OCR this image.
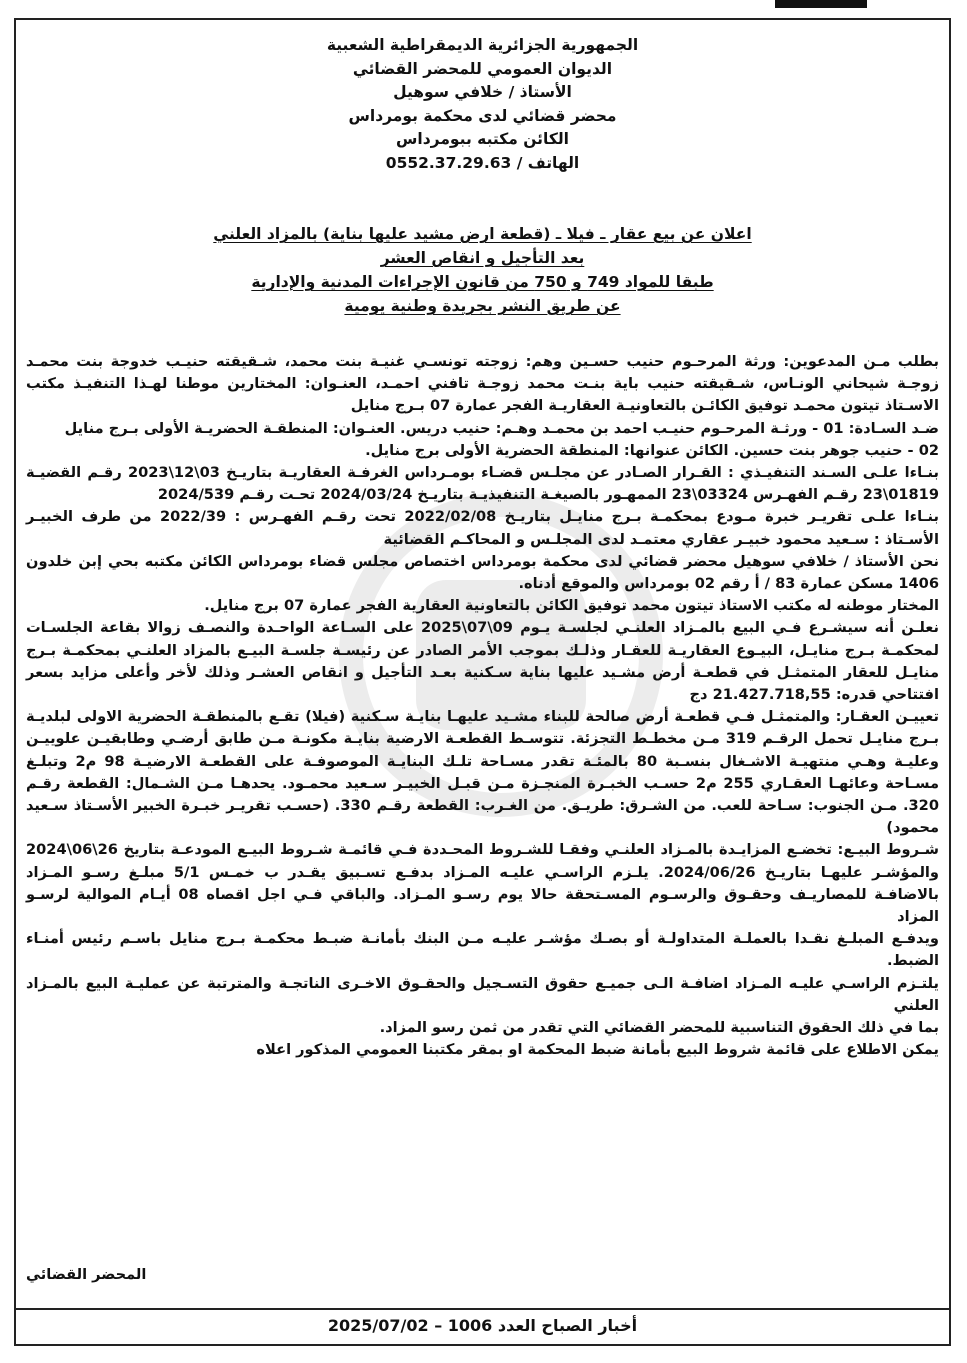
الجمهورية الجزائرية الديمقراطية الشعبية
الديوان العمومي للمحضر القضائي
الأستاذ / خلافي سوهيل
محضر قضائي لدى محكمة بومرداس
الكائن مكتبه ببومرداس
الهاتف / 0552.37.29.63
اعلان عن بيع عقار ـ فيلا ـ (قطعة ارض مشيد عليها بناية) بالمزاد العلني
بعد التأجيل و انقاص العشر
طبقا للمواد 749 و 750 من قانون الإجراءات المدنية والإدارية
عن طريق النشر بجريدة وطنية يومية

بطلب مـن المدعوين: ورثة المرحـوم حنيب حسـين وهم: زوجته تونسـي غنيـة بنت محمد، شـقيقته حنيـب خدوجة بنت محمـد زوجـة شيحاني الونـاس، شـقيقته حنيب باية بنـت محمد زوجـة تافني احمـد، العنـوان: المختارين موطنا لهـذا التنفيـذ مكتب الاسـتاذ تيتون محمـد توفيق الكائـن بالتعاونيـة العقاريـة الفجر عمارة 07 بـرج منايل

ضـد السـادة: 01 - ورثـة المرحـوم حنيـب احمد بن محمـد وهـم: حنيب دريس. العنـوان: المنطقـة الحضريـة الأولى بـرج منايل

02 - حنيب جوهر بنت حسين. الكائن عنوانها: المنطقة الحضرية الأولى برج منايل.

بنـاءا علـى السـند التنفيـذي : القـرار الصـادر عن مجلـس قضـاء بومـرداس الغرفـة العقاريـة بتاريـخ 03\12\2023 رقـم القضيـة 01819\23 رقـم الفهـرس 03324\23 الممهـور بالصيغـة التنفيذيـة بتاريـخ 2024/03/24 تحـت رقـم 2024/539

بنـاءا علـى تقريـر خبرة مـودع بمحكمـة بـرج منايـل بتاريـخ 2022/02/08 تحت رقـم الفهـرس : 2022/39 من طرف الخبيـر الأسـتاذ : سـعيد محمود خبيـر عقاري معتمـد لدى المجلـس و المحاكـم القضائية

نحن الأستاذ / خلافي سوهيل محضر قضائي لدى محكمة بومرداس اختصاص مجلس قضاء بومرداس الكائن مكتبه بحي إبن خلدون 1406 مسكن عمارة 83 / أ رقم 02 بومرداس والموقع أدناه.

المختار موطنه له مكتب الاستاذ تيتون محمد توفيق الكائن بالتعاونية العقارية الفجر عمارة 07 برج منايل.

نعلـن أنه سيشـرع فـي البيع بالمـزاد العلنـي لجلسـة يـوم 09\07\2025 على السـاعة الواحـدة والنصـف زوالا بقاعة الجلسـات لمحكمـة بـرج منايـل، البيـوع العقاريـة للعقـار وذلـك بموجب الأمر الصادر عن رئيسـة جلسـة البيـع بالمزاد العلنـي بمحكمـة بـرج منايـل للعقار المتمثـل في قطعـة أرض مشـيد عليها بناية سـكنية بعـد التأجيل و انقاص العشـر وذلك لأخر وأعلى مزايد بسعر افتتاحي قدره: 21.427.718,55 دج

تعييـن العقـار: والمتمثـل فـي قطعـة أرض صالحة للبناء مشـيد عليهـا بنايـة سـكنية (فيلا) تقـع بالمنطقـة الحضرية الاولى لبلديـة بـرج منايـل تحمل الرقـم 319 مـن مخطـط التجزئة. تتوسـط القطعـة الارضية بنايـة مكونـة مـن طابق أرضـي وطابقيـن علوييـن وعليـة وهـي منتهيـة الاشـغال بنسـبة 80 بالمئـة تقدر مسـاحة تلـك البنايـة الموصوفـة على القطعـة الارضيـة 98 م2 وتبلـغ مسـاحة وعائهـا العقـاري 255 م2 حسـب الخبـرة المنجـزة مـن قبـل الخبيـر سـعيد محمـود. يحدهـا مـن الشـمال: القطعة رقـم 320. مـن الجنوب: سـاحة للعب. من الشـرق: طريـق. من الغـرب: القطعة رقـم 330. (حسـب تقريـر خبـرة الخبير الأسـتاذ سـعيد محمود)

شـروط البيـع: تخضـع المزايـدة بالمـزاد العلنـي وفقـا للشـروط المحـددة فـي قائمـة شـروط البيـع المودعـة بتاريخ 26\06\2024 والمؤشـر عليهـا بتاريـخ 2024/06/26. يلـزم الراسـي عليـه المـزاد بدفـع تسـبيق يقـدر ب خمـس 5/1 مبلـغ رسـو المـزاد بالاضافـة للمصاريـف وحقـوق والرسـوم المسـتحقة حالا يوم رسـو المـزاد. والباقي فـي اجل اقصاه 08 أيـام الموالية لرسـو المزاد

ويدفـع المبلـغ نقـدا بالعملـة المتداولـة أو بصـك مؤشـر عليـه مـن البنك بأمانـة ضبـط محكمـة بـرج منايل باسـم رئيس أمنـاء الضبط.

يلتـزم الراسـي عليـه المـزاد اضافـة الـى جميـع حقوق التسـجيل والحقـوق الاخـرى الناتجـة والمترتبة عن عمليـة البيع بالمـزاد العلني

بما في ذلك الحقوق التناسبية للمحضر القضائي التي تقدر من ثمن رسو المزاد.

يمكن الاطلاع على قائمة شروط البيع بأمانة ضبط المحكمة او بمقر مكتبنا العمومي المذكور اعلاه

المحضر القضائي
أخبار الصباح العدد 1006 – 2025/07/02
